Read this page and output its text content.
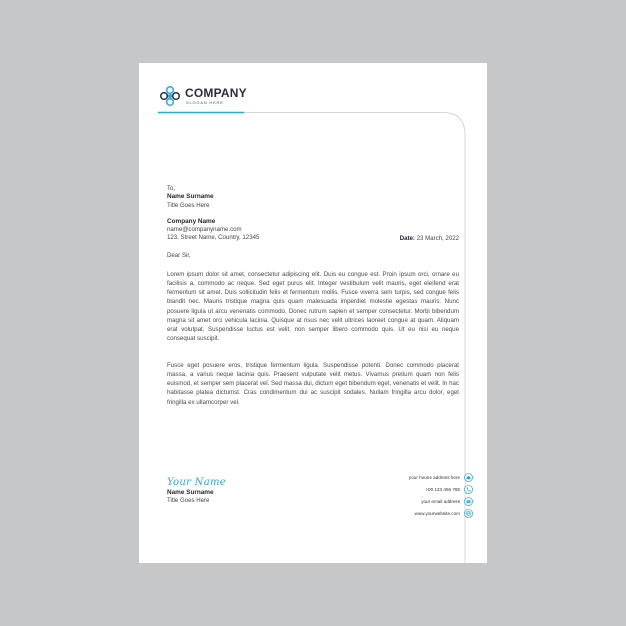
COMPANY
SLOGAN HERE
To,
Name Surname
Title Goes Here
Company Name
name@companyname.com
123, Street Name, Country, 12345	Date: 23 March, 2022
Dear Sir,

Lorem ipsum dolor sit amet, consectetur adipiscing elit. Duis eu congue est. Proin ipsum orci, ornare eu facilisis a, commodo ac neque. Sed eget purus elit. Integer vestibulum velit mauris, eget eleifend erat fermentum sit amet. Duis sollicitudin felis et fermentum mollis. Fusce viverra sem turpis, sed congue felis blandit nec. Mauris tristique magna quis quam malesuada imperdiet molestie egestas mauris. Nunc posuere ligula ut arcu venenatis commodo. Donec rutrum sapien et semper consectetur. Morbi bibendum magna sit amet orci vehicula lacinia. Quisque at risus nec velit ultrices laoreet congue at quam. Aliquam erat volutpat. Suspendisse luctus est velit, non semper libero commodo quis. Ut eu nisi eu neque consequat suscipit.

Fusce eget posuere eros, tristique fermentum ligula. Suspendisse potenti. Donec commodo placerat massa, a varius neque lacinia quis. Praesent vulputate velit metus. Vivamus pretium quam non felis euismod, et semper sem placerat vel. Sed massa dui, dictum eget bibendum eget, venenatis et velit. In hac habitasse platea dictumst. Cras condimentum dui ac suscipit sodales. Nullam fringilla arcu dolor, eget fringilla ex ullamcorper vel.

Your Name
Name Surname
Title Goes Here
your houne address here
+00 123 456 789
your email address
www.yourwebsite.com
